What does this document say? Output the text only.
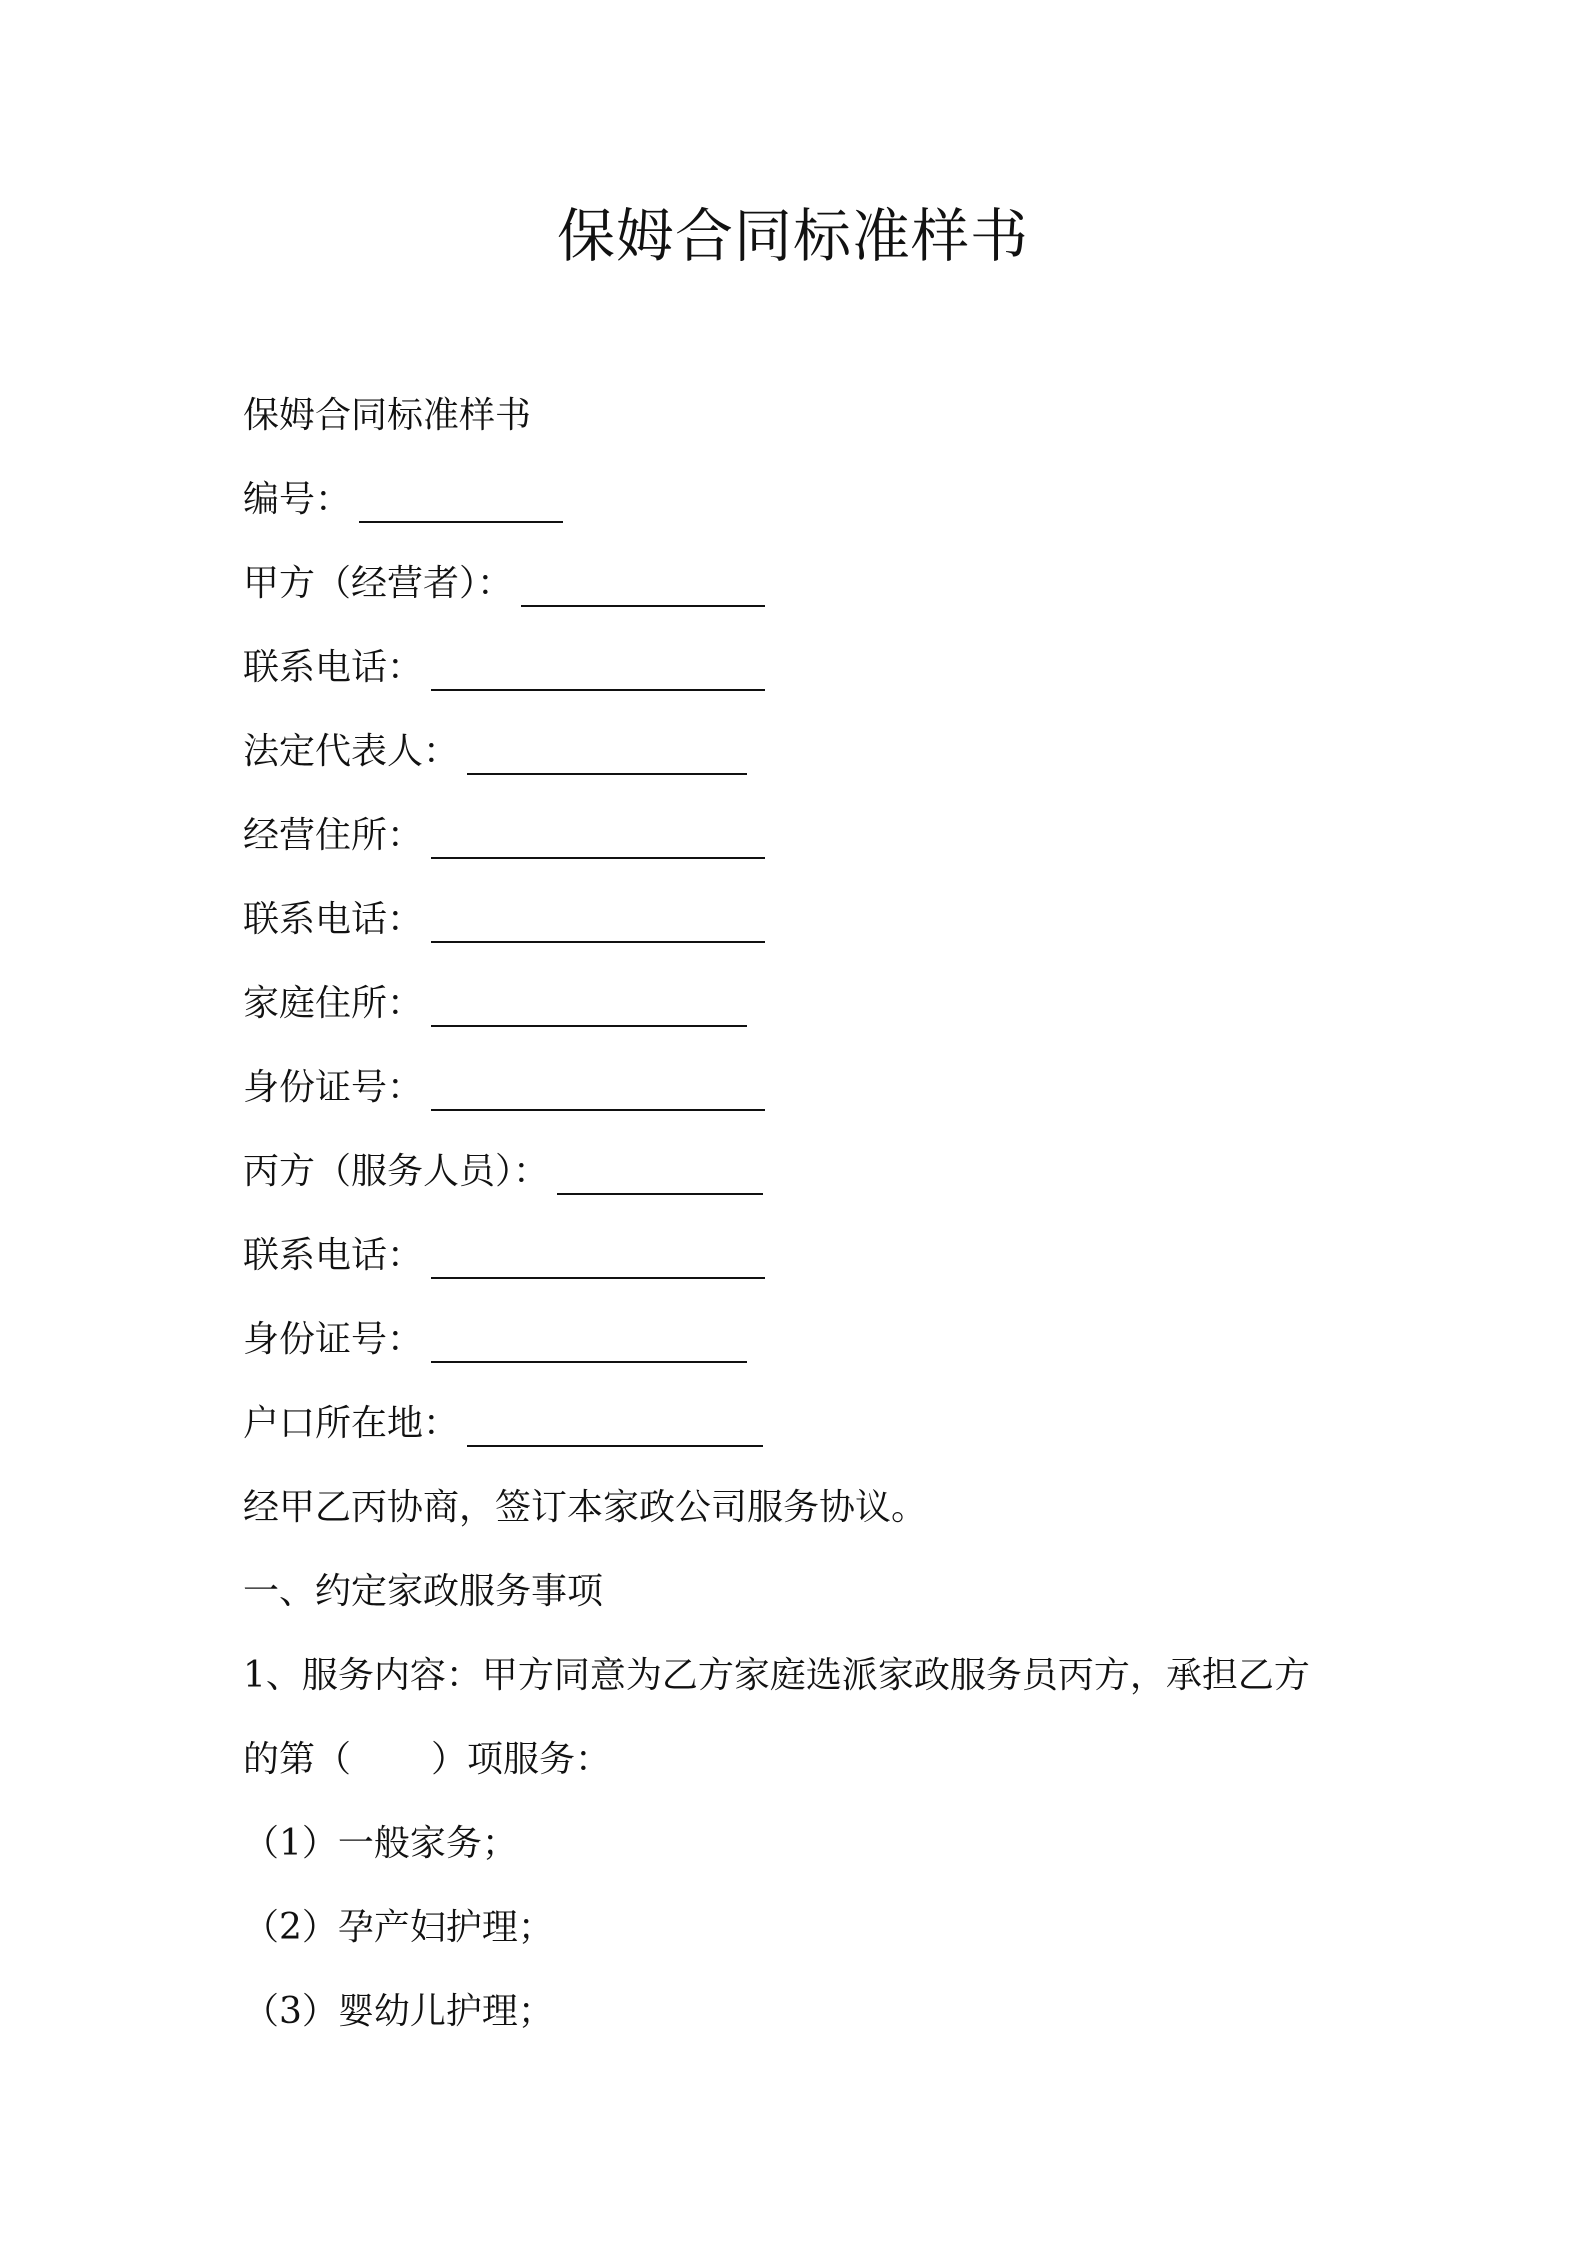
保姆合同标准样书
保姆合同标准样书
编号：
甲方（经营者）：
联系电话：
法定代表人：
经营住所：
联系电话：
家庭住所：
身份证号：
丙方（服务人员）：
联系电话：
身份证号：
户口所在地：
经甲乙丙协商，签订本家政公司服务协议。
一、约定家政服务事项
1、服务内容：甲方同意为乙方家庭选派家政服务员丙方，承担乙方
的第（ ）项服务：
（1）一般家务；
（2）孕产妇护理；
（3）婴幼儿护理；
